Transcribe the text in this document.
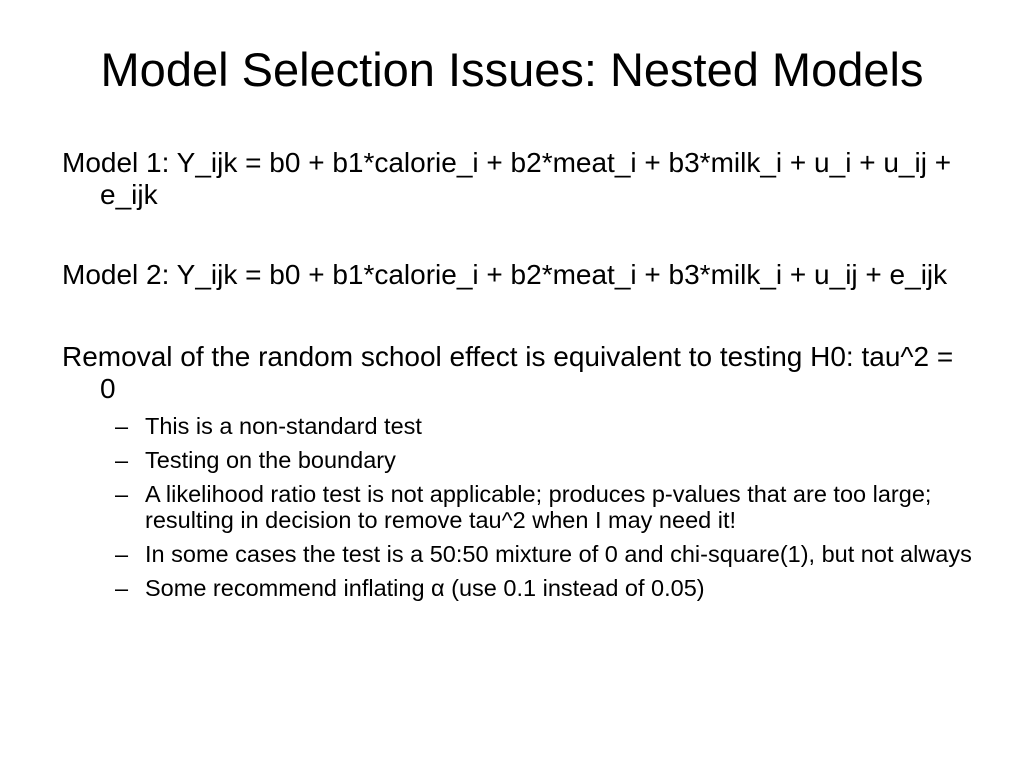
Model Selection Issues: Nested Models

Model 1: Y_ijk = b0 + b1*calorie_i + b2*meat_i + b3*milk_i + u_i + u_ij + e_ijk

Model 2: Y_ijk = b0 + b1*calorie_i + b2*meat_i + b3*milk_i + u_ij + e_ijk

Removal of the random school effect is equivalent to testing H0: tau^2 = 0

– This is a non-standard test
– Testing on the boundary
– A likelihood ratio test is not applicable; produces p-values that are too large; resulting in decision to remove tau^2 when I may need it!
– In some cases the test is a 50:50 mixture of 0 and chi-square(1), but not always
– Some recommend inflating α (use 0.1 instead of 0.05)
